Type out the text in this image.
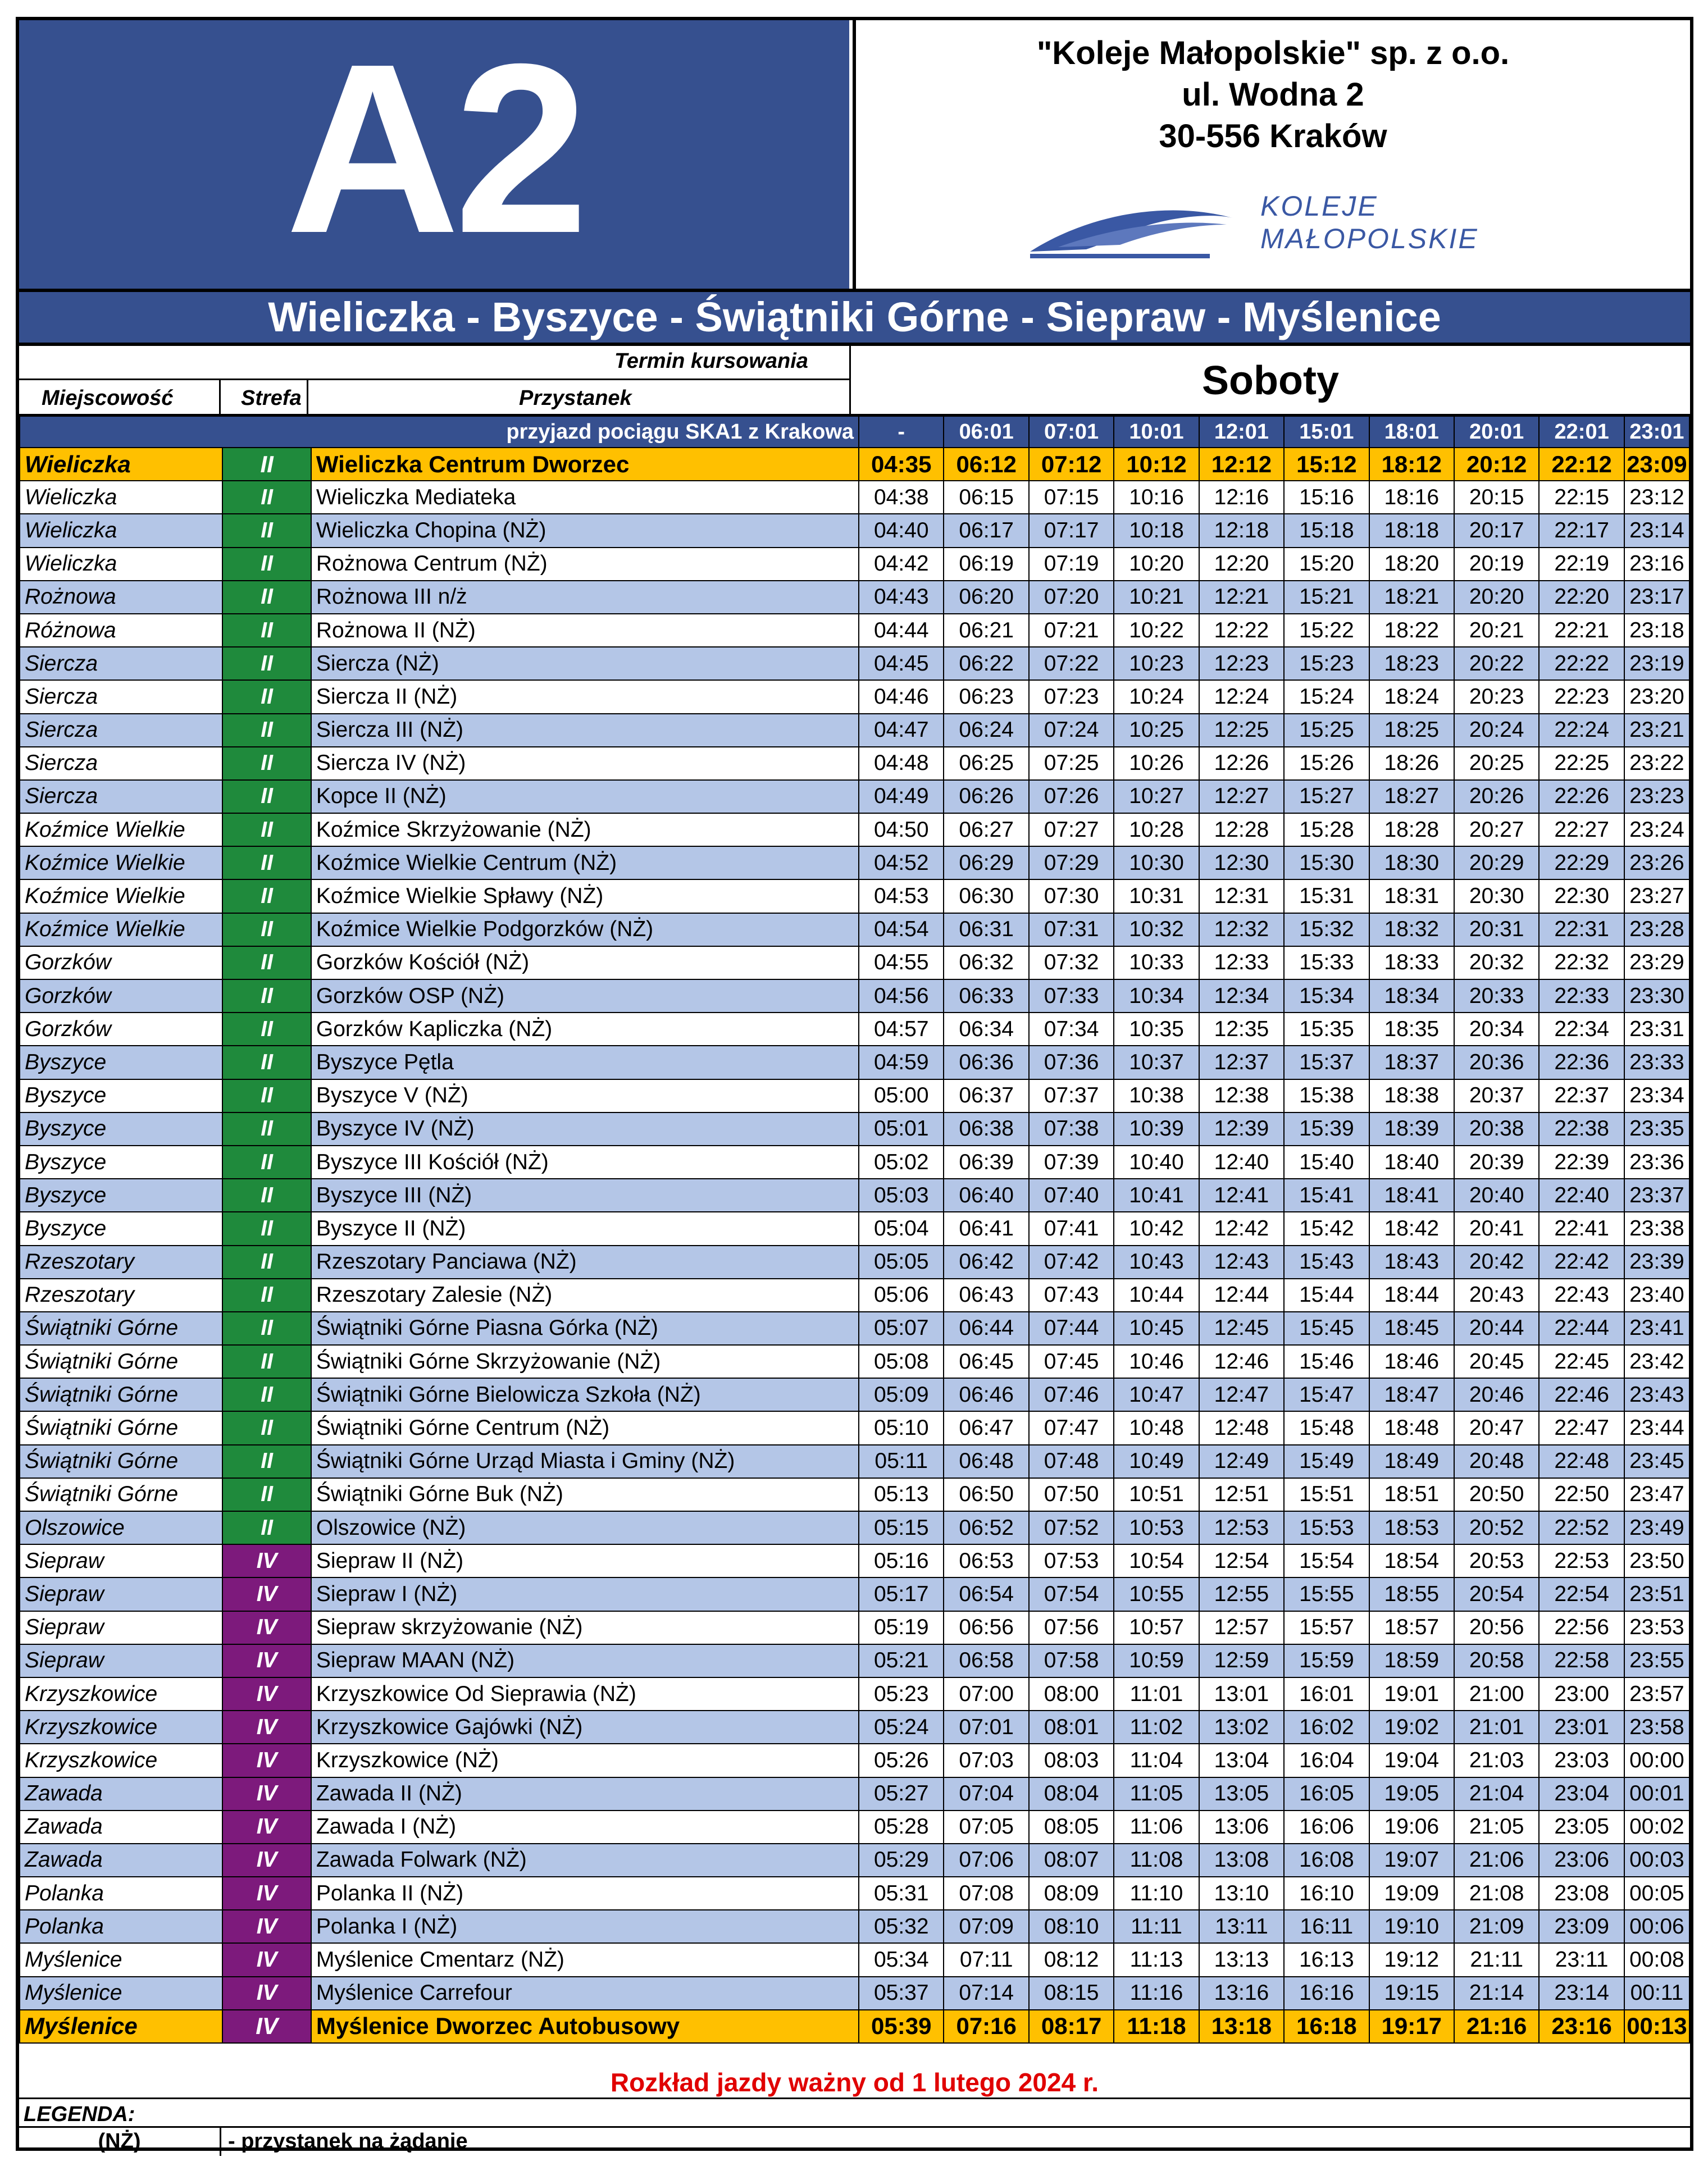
A2	"Koleje Małopolskie" sp. z o.o.
ul. Wodna 2
30-556 Kraków
KOLEJE
MAŁOPOLSKIE
Wieliczka - Byszyce - Świątniki Górne - Siepraw - Myślenice
Termin kursowania
Miejscowość	Strefa	Przystanek	Soboty
przyjazd pociągu SKA1 z Krakowa			-	06:01	07:01	10:01	12:01	15:01	18:01	20:01	22:01	23:01
Wieliczka	II	Wieliczka Centrum Dworzec	04:35	06:12	07:12	10:12	12:12	15:12	18:12	20:12	22:12	23:09
Wieliczka	II	Wieliczka Mediateka	04:38	06:15	07:15	10:16	12:16	15:16	18:16	20:15	22:15	23:12
Wieliczka	II	Wieliczka Chopina (NŻ)	04:40	06:17	07:17	10:18	12:18	15:18	18:18	20:17	22:17	23:14
Wieliczka	II	Rożnowa Centrum (NŻ)	04:42	06:19	07:19	10:20	12:20	15:20	18:20	20:19	22:19	23:16
Rożnowa	II	Rożnowa III n/ż	04:43	06:20	07:20	10:21	12:21	15:21	18:21	20:20	22:20	23:17
Różnowa	II	Rożnowa II (NŻ)	04:44	06:21	07:21	10:22	12:22	15:22	18:22	20:21	22:21	23:18
Siercza	II	Siercza (NŻ)	04:45	06:22	07:22	10:23	12:23	15:23	18:23	20:22	22:22	23:19
Siercza	II	Siercza II (NŻ)	04:46	06:23	07:23	10:24	12:24	15:24	18:24	20:23	22:23	23:20
Siercza	II	Siercza III (NŻ)	04:47	06:24	07:24	10:25	12:25	15:25	18:25	20:24	22:24	23:21
Siercza	II	Siercza IV (NŻ)	04:48	06:25	07:25	10:26	12:26	15:26	18:26	20:25	22:25	23:22
Siercza	II	Kopce II (NŻ)	04:49	06:26	07:26	10:27	12:27	15:27	18:27	20:26	22:26	23:23
Koźmice Wielkie	II	Koźmice Skrzyżowanie (NŻ)	04:50	06:27	07:27	10:28	12:28	15:28	18:28	20:27	22:27	23:24
Koźmice Wielkie	II	Koźmice Wielkie Centrum (NŻ)	04:52	06:29	07:29	10:30	12:30	15:30	18:30	20:29	22:29	23:26
Koźmice Wielkie	II	Koźmice Wielkie Spławy (NŻ)	04:53	06:30	07:30	10:31	12:31	15:31	18:31	20:30	22:30	23:27
Koźmice Wielkie	II	Koźmice Wielkie Podgorzków (NŻ)	04:54	06:31	07:31	10:32	12:32	15:32	18:32	20:31	22:31	23:28
Gorzków	II	Gorzków Kościół (NŻ)	04:55	06:32	07:32	10:33	12:33	15:33	18:33	20:32	22:32	23:29
Gorzków	II	Gorzków OSP (NŻ)	04:56	06:33	07:33	10:34	12:34	15:34	18:34	20:33	22:33	23:30
Gorzków	II	Gorzków Kapliczka (NŻ)	04:57	06:34	07:34	10:35	12:35	15:35	18:35	20:34	22:34	23:31
Byszyce	II	Byszyce Pętla	04:59	06:36	07:36	10:37	12:37	15:37	18:37	20:36	22:36	23:33
Byszyce	II	Byszyce V (NŻ)	05:00	06:37	07:37	10:38	12:38	15:38	18:38	20:37	22:37	23:34
Byszyce	II	Byszyce IV (NŻ)	05:01	06:38	07:38	10:39	12:39	15:39	18:39	20:38	22:38	23:35
Byszyce	II	Byszyce III Kościół (NŻ)	05:02	06:39	07:39	10:40	12:40	15:40	18:40	20:39	22:39	23:36
Byszyce	II	Byszyce III (NŻ)	05:03	06:40	07:40	10:41	12:41	15:41	18:41	20:40	22:40	23:37
Byszyce	II	Byszyce II (NŻ)	05:04	06:41	07:41	10:42	12:42	15:42	18:42	20:41	22:41	23:38
Rzeszotary	II	Rzeszotary Panciawa (NŻ)	05:05	06:42	07:42	10:43	12:43	15:43	18:43	20:42	22:42	23:39
Rzeszotary	II	Rzeszotary Zalesie (NŻ)	05:06	06:43	07:43	10:44	12:44	15:44	18:44	20:43	22:43	23:40
Świątniki Górne	II	Świątniki Górne Piasna Górka (NŻ)	05:07	06:44	07:44	10:45	12:45	15:45	18:45	20:44	22:44	23:41
Świątniki Górne	II	Świątniki Górne Skrzyżowanie (NŻ)	05:08	06:45	07:45	10:46	12:46	15:46	18:46	20:45	22:45	23:42
Świątniki Górne	II	Świątniki Górne Bielowicza Szkoła (NŻ)	05:09	06:46	07:46	10:47	12:47	15:47	18:47	20:46	22:46	23:43
Świątniki Górne	II	Świątniki Górne Centrum (NŻ)	05:10	06:47	07:47	10:48	12:48	15:48	18:48	20:47	22:47	23:44
Świątniki Górne	II	Świątniki Górne Urząd Miasta i Gminy (NŻ)	05:11	06:48	07:48	10:49	12:49	15:49	18:49	20:48	22:48	23:45
Świątniki Górne	II	Świątniki Górne Buk (NŻ)	05:13	06:50	07:50	10:51	12:51	15:51	18:51	20:50	22:50	23:47
Olszowice	II	Olszowice (NŻ)	05:15	06:52	07:52	10:53	12:53	15:53	18:53	20:52	22:52	23:49
Siepraw	IV	Siepraw II (NŻ)	05:16	06:53	07:53	10:54	12:54	15:54	18:54	20:53	22:53	23:50
Siepraw	IV	Siepraw I (NŻ)	05:17	06:54	07:54	10:55	12:55	15:55	18:55	20:54	22:54	23:51
Siepraw	IV	Siepraw skrzyżowanie (NŻ)	05:19	06:56	07:56	10:57	12:57	15:57	18:57	20:56	22:56	23:53
Siepraw	IV	Siepraw MAAN (NŻ)	05:21	06:58	07:58	10:59	12:59	15:59	18:59	20:58	22:58	23:55
Krzyszkowice	IV	Krzyszkowice Od Sieprawia (NŻ)	05:23	07:00	08:00	11:01	13:01	16:01	19:01	21:00	23:00	23:57
Krzyszkowice	IV	Krzyszkowice Gajówki (NŻ)	05:24	07:01	08:01	11:02	13:02	16:02	19:02	21:01	23:01	23:58
Krzyszkowice	IV	Krzyszkowice (NŻ)	05:26	07:03	08:03	11:04	13:04	16:04	19:04	21:03	23:03	00:00
Zawada	IV	Zawada II (NŻ)	05:27	07:04	08:04	11:05	13:05	16:05	19:05	21:04	23:04	00:01
Zawada	IV	Zawada I (NŻ)	05:28	07:05	08:05	11:06	13:06	16:06	19:06	21:05	23:05	00:02
Zawada	IV	Zawada Folwark (NŻ)	05:29	07:06	08:07	11:08	13:08	16:08	19:07	21:06	23:06	00:03
Polanka	IV	Polanka II (NŻ)	05:31	07:08	08:09	11:10	13:10	16:10	19:09	21:08	23:08	00:05
Polanka	IV	Polanka I (NŻ)	05:32	07:09	08:10	11:11	13:11	16:11	19:10	21:09	23:09	00:06
Myślenice	IV	Myślenice Cmentarz (NŻ)	05:34	07:11	08:12	11:13	13:13	16:13	19:12	21:11	23:11	00:08
Myślenice	IV	Myślenice Carrefour	05:37	07:14	08:15	11:16	13:16	16:16	19:15	21:14	23:14	00:11
Myślenice	IV	Myślenice Dworzec Autobusowy	05:39	07:16	08:17	11:18	13:18	16:18	19:17	21:16	23:16	00:13
Rozkład jazdy ważny od 1 lutego 2024 r.
LEGENDA:
(NŻ)	- przystanek na żądanie
